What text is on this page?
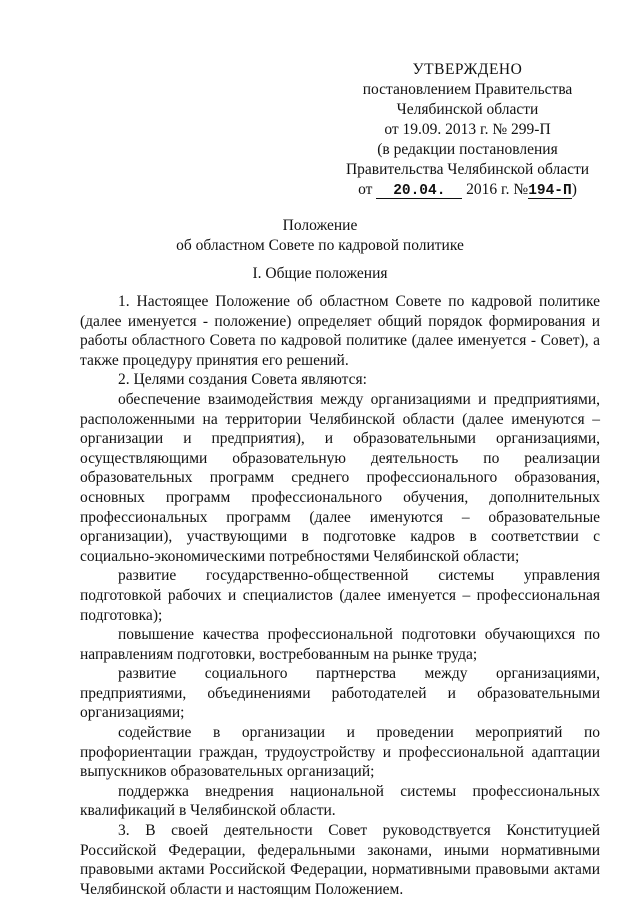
УТВЕРЖДЕНО
постановлением Правительства
Челябинской области
от 19.09. 2013 г. № 299-П
(в редакции постановления
Правительства Челябинской области
от 20.04. 2016 г. №194-П)
Положение
об областном Совете по кадровой политике
I. Общие положения

1. Настоящее Положение об областном Совете по кадровой политике (далее именуется - положение) определяет общий порядок формирования и работы областного Совета по кадровой политике (далее именуется - Совет), а также процедуру принятия его решений.

2. Целями создания Совета являются:

обеспечение взаимодействия между организациями и предприятиями, расположенными на территории Челябинской области (далее именуются – организации и предприятия), и образовательными организациями, осуществляющими образовательную деятельность по реализации образовательных программ среднего профессионального образования, основных программ профессионального обучения, дополнительных профессиональных программ (далее именуются – образовательные организации), участвующими в подготовке кадров в соответствии с социально-экономическими потребностями Челябинской области;

развитие государственно-общественной системы управления подготовкой рабочих и специалистов (далее именуется – профессиональная подготовка);

повышение качества профессиональной подготовки обучающихся по направлениям подготовки, востребованным на рынке труда;

развитие социального партнерства между организациями, предприятиями, объединениями работодателей и образовательными организациями;

содействие в организации и проведении мероприятий по профориентации граждан, трудоустройству и профессиональной адаптации выпускников образовательных организаций;

поддержка внедрения национальной системы профессиональных квалификаций в Челябинской области.

3. В своей деятельности Совет руководствуется Конституцией Российской Федерации, федеральными законами, иными нормативными правовыми актами Российской Федерации, нормативными правовыми актами Челябинской области и настоящим Положением.
